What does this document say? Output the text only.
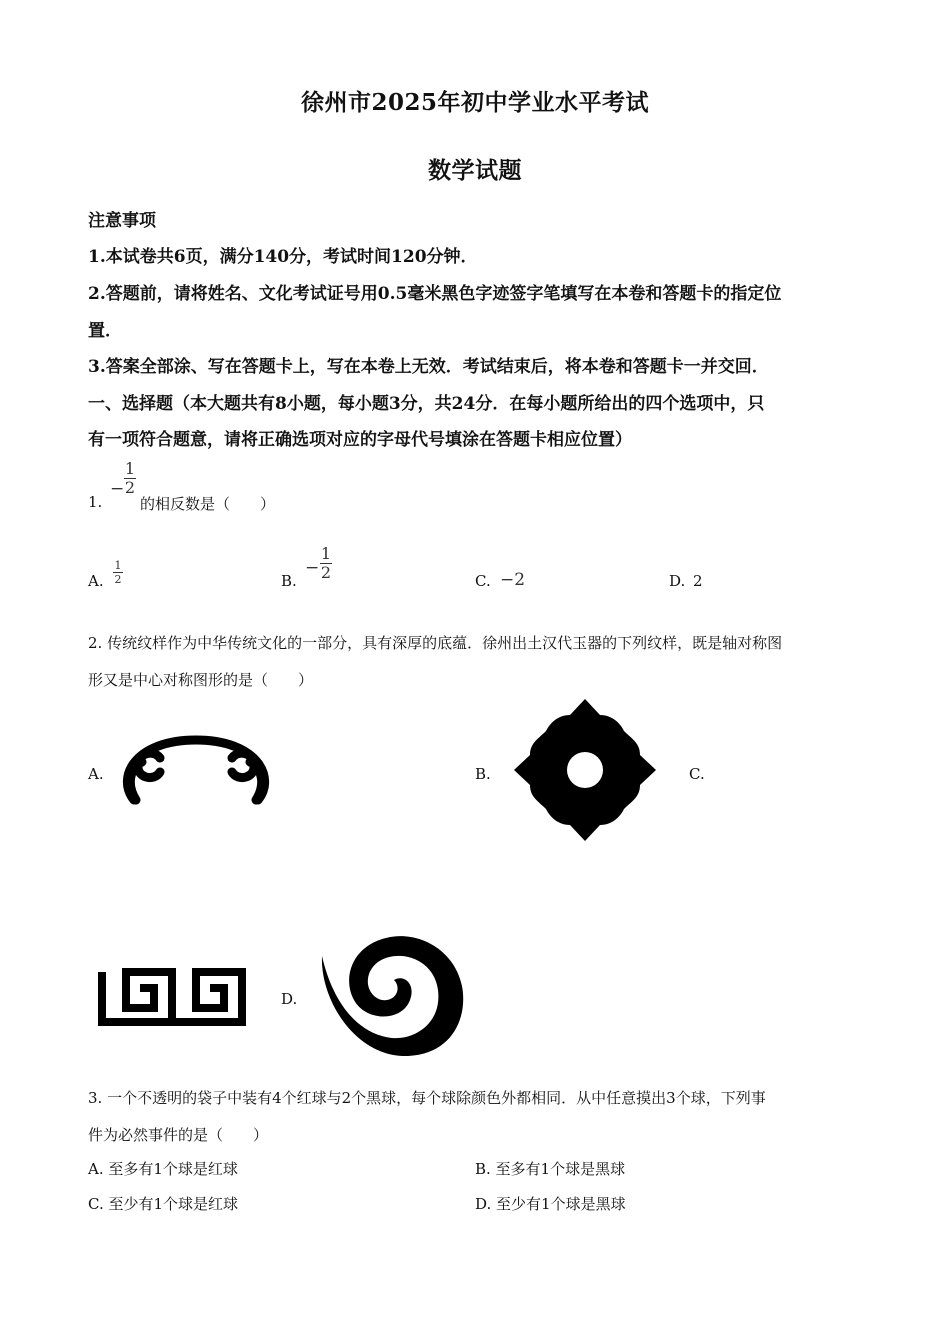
徐州市2025年初中学业水平考试
数学试题
注意事项
1.本试卷共6页，满分140分，考试时间120分钟．
2.答题前，请将姓名、文化考试证号用0.5毫米黑色字迹签字笔填写在本卷和答题卡的指定位
置．
3.答案全部涂、写在答题卡上，写在本卷上无效．考试结束后，将本卷和答题卡一并交回．
一、选择题（本大题共有8小题，每小题3分，共24分．在每小题所给出的四个选项中，只
有一项符合题意，请将正确选项对应的字母代号填涂在答题卡相应位置）
1.
− $\frac{1}{2}$
的相反数是（　　）
A. $\frac{1}{2}$	B.
− $\frac{1}{2}$	C. −2	D. 2
2. 传统纹样作为中华传统文化的一部分，具有深厚的底蕴．徐州出土汉代玉器的下列纹样，既是轴对称图
形又是中心对称图形的是（　　）
A.	B.	C.
D.
3. 一个不透明的袋子中装有4个红球与2个黑球，每个球除颜色外都相同．从中任意摸出3个球，下列事
件为必然事件的是（　　）
A. 至多有1个球是红球	B. 至多有1个球是黑球
C. 至少有1个球是红球	D. 至少有1个球是黑球
